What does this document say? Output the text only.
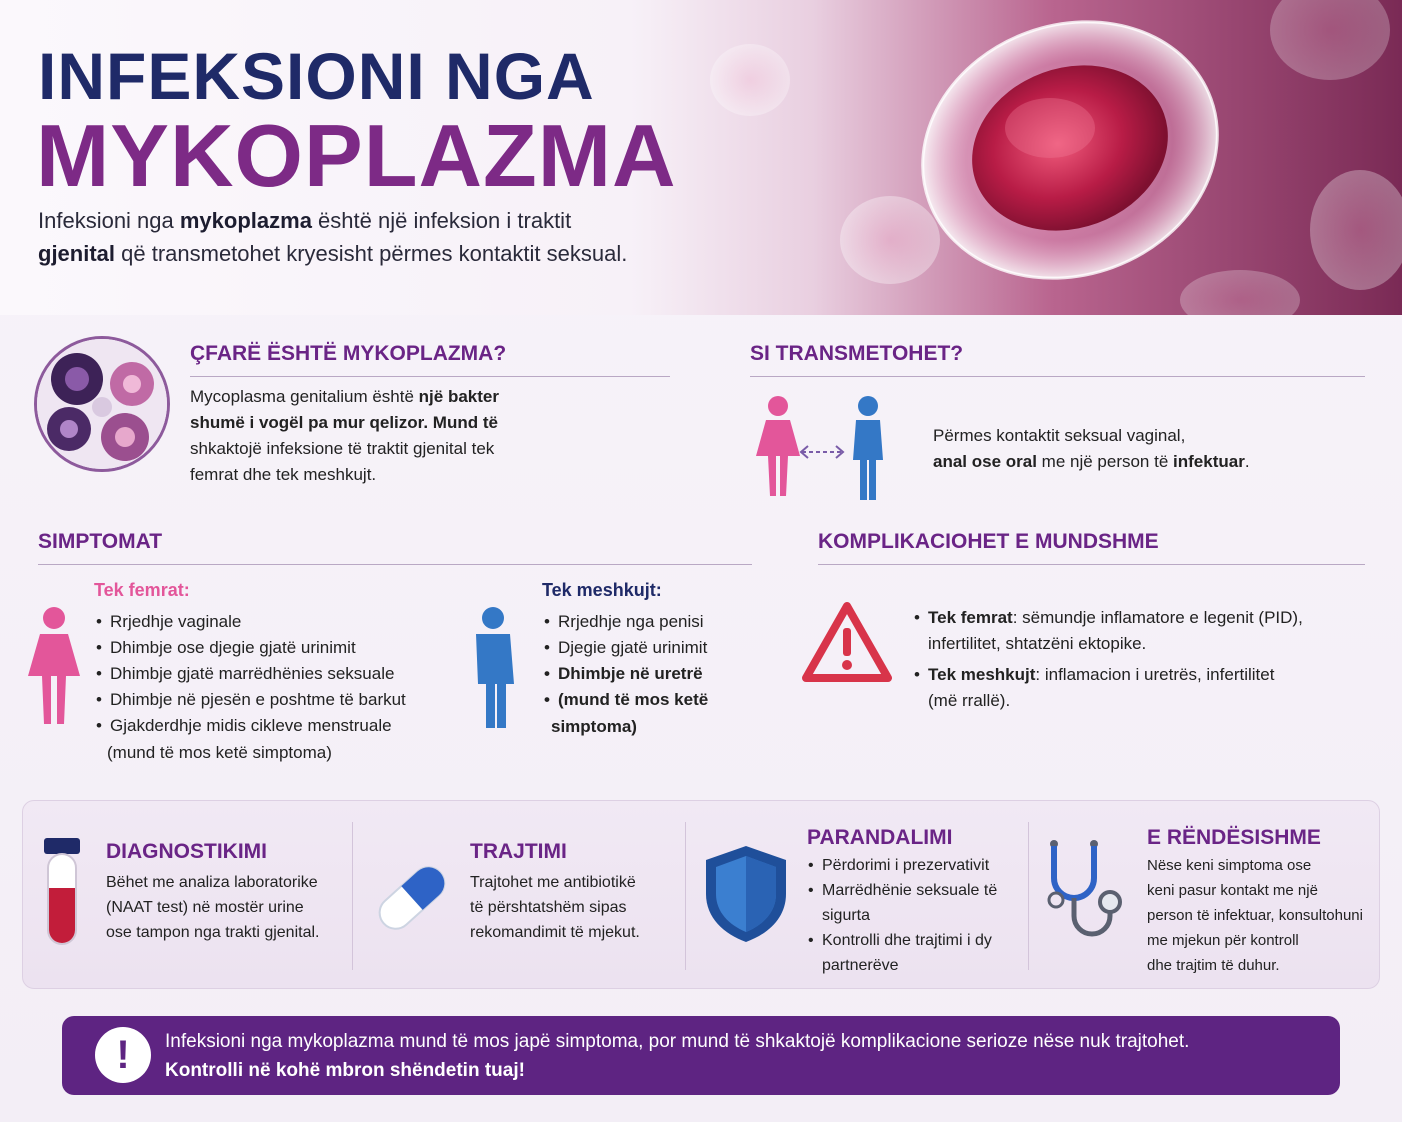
INFEKSIONI NGA
MYKOPLAZMA
Infeksioni nga mykoplazma është një infeksion i traktit
gjenital që transmetohet kryesisht përmes kontaktit seksual.
ÇFARË ËSHTË MYKOPLAZMA?
Mycoplasma genitalium është një bakter
shumë i vogël pa mur qelizor. Mund të
shkaktojë infeksione të traktit gjenital tek
femrat dhe tek meshkujt.
SI TRANSMETOHET?
Përmes kontaktit seksual vaginal,
anal ose oral me një person të infektuar.
SIMPTOMAT
Tek femrat:
• Rrjedhje vaginale
• Dhimbje ose djegie gjatë urinimit
• Dhimbje gjatë marrëdhënies seksuale
• Dhimbje në pjesën e poshtme të barkut
• Gjakderdhje midis cikleve menstruale
(mund të mos ketë simptoma)
Tek meshkujt:
• Rrjedhje nga penisi
• Djegie gjatë urinimit
• Dhimbje në uretrë
• (mund të mos ketë
simptoma)
KOMPLIKACIOHET E MUNDSHME
• Tek femrat: sëmundje inflamatore e legenit (PID),
infertilitet, shtatzëni ektopike.
• Tek meshkujt: inflamacion i uretrës, infertilitet
(më rrallë).
DIAGNOSTIKIMI
Bëhet me analiza laboratorike
(NAAT test) në mostër urine
ose tampon nga trakti gjenital.
TRAJTIMI
Trajtohet me antibiotikë
të përshtatshëm sipas
rekomandimit të mjekut.
PARANDALIMI
• Përdorimi i prezervativit
• Marrëdhënie seksuale të
sigurta
• Kontrolli dhe trajtimi i dy
partnerëve
E RËNDËSISHME
Nëse keni simptoma ose
keni pasur kontakt me një
person të infektuar, konsultohuni
me mjekun për kontroll
dhe trajtim të duhur.
!	Infeksioni nga mykoplazma mund të mos japë simptoma, por mund të shkaktojë komplikacione serioze nëse nuk trajtohet.
Kontrolli në kohë mbron shëndetin tuaj!
